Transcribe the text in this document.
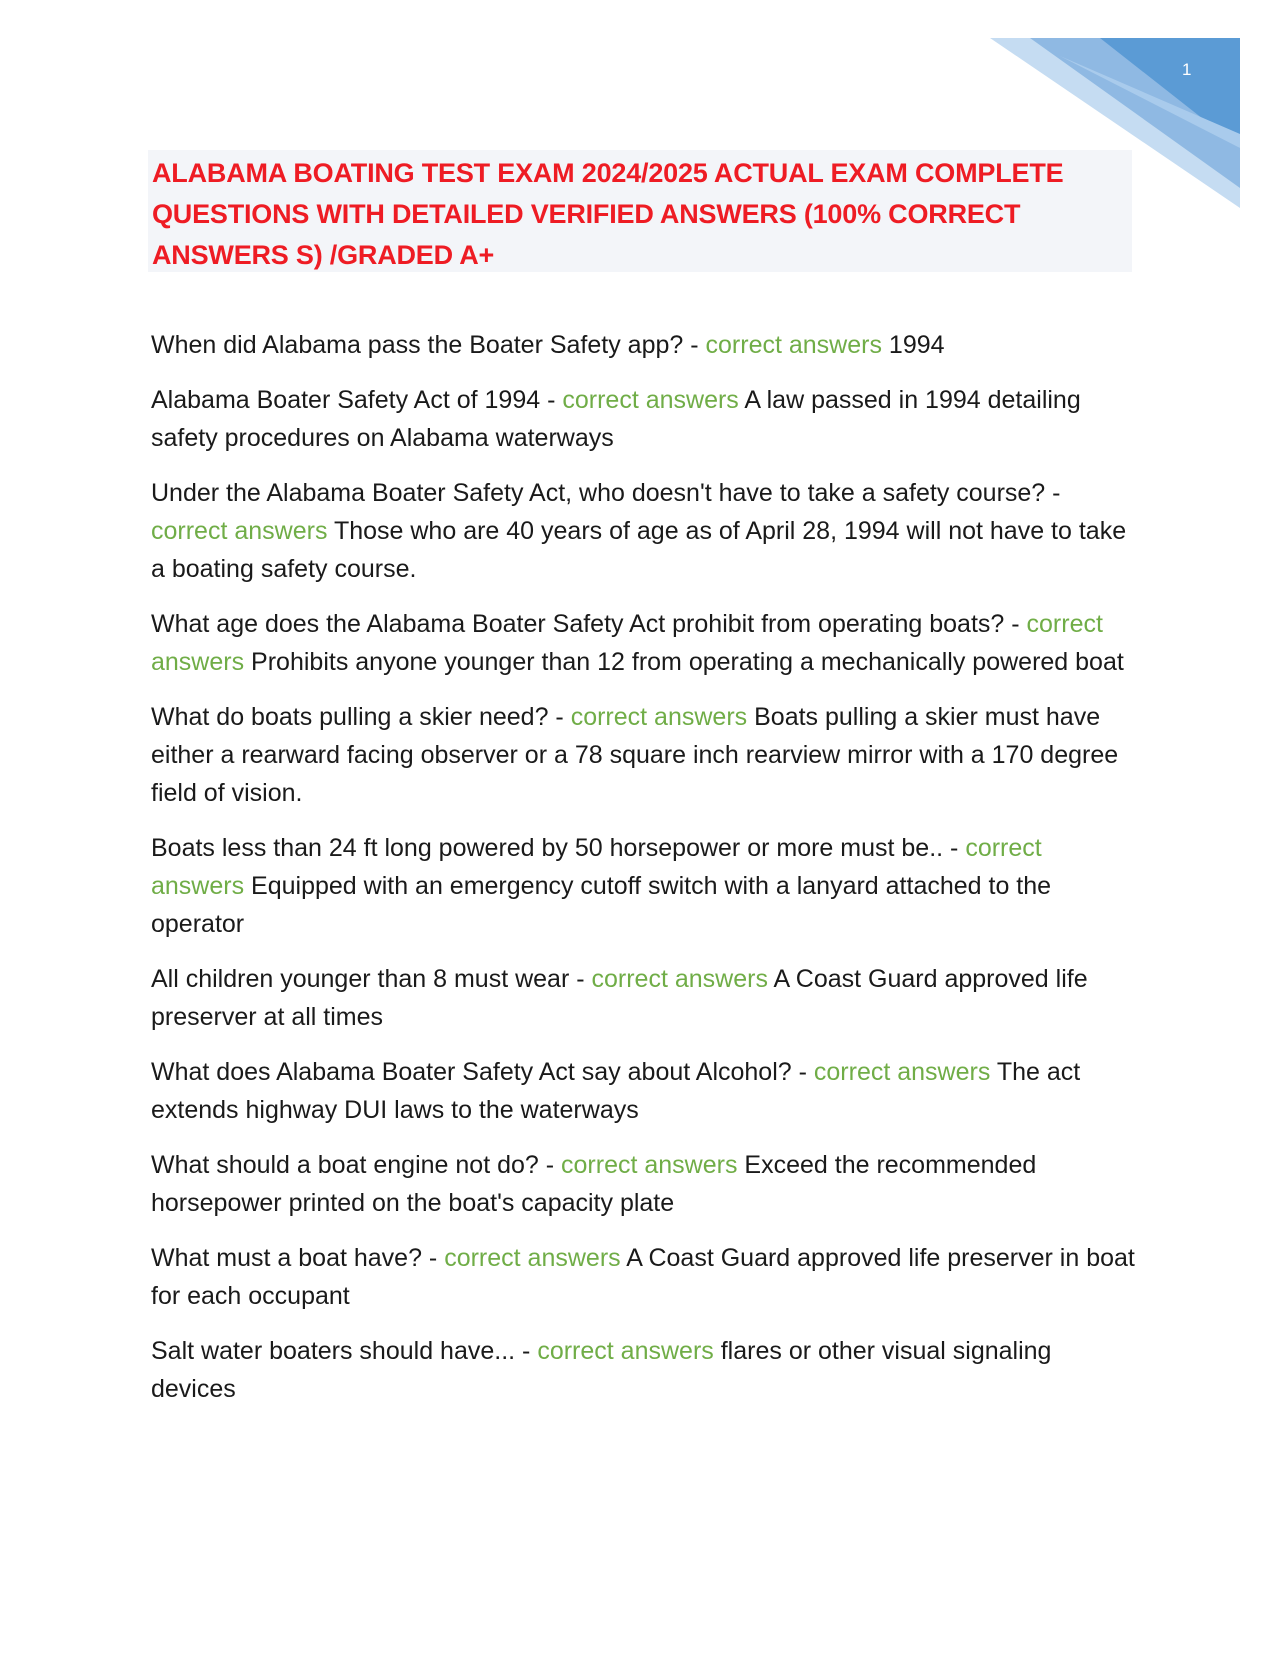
1
ALABAMA BOATING TEST EXAM 2024/2025 ACTUAL EXAM COMPLETE QUESTIONS WITH DETAILED VERIFIED ANSWERS (100% CORRECT ANSWERS S) /GRADED A+
When did Alabama pass the Boater Safety app? - correct answers 1994
Alabama Boater Safety Act of 1994 - correct answers A law passed in 1994 detailing safety procedures on Alabama waterways
Under the Alabama Boater Safety Act, who doesn't have to take a safety course? - correct answers Those who are 40 years of age as of April 28, 1994 will not have to take a boating safety course.
What age does the Alabama Boater Safety Act prohibit from operating boats? - correct answers Prohibits anyone younger than 12 from operating a mechanically powered boat
What do boats pulling a skier need? - correct answers Boats pulling a skier must have either a rearward facing observer or a 78 square inch rearview mirror with a 170 degree field of vision.
Boats less than 24 ft long powered by 50 horsepower or more must be.. - correct answers Equipped with an emergency cutoff switch with a lanyard attached to the operator
All children younger than 8 must wear - correct answers A Coast Guard approved life preserver at all times
What does Alabama Boater Safety Act say about Alcohol? - correct answers The act extends highway DUI laws to the waterways
What should a boat engine not do? - correct answers Exceed the recommended horsepower printed on the boat's capacity plate
What must a boat have? - correct answers A Coast Guard approved life preserver in boat for each occupant
Salt water boaters should have... - correct answers flares or other visual signaling devices
